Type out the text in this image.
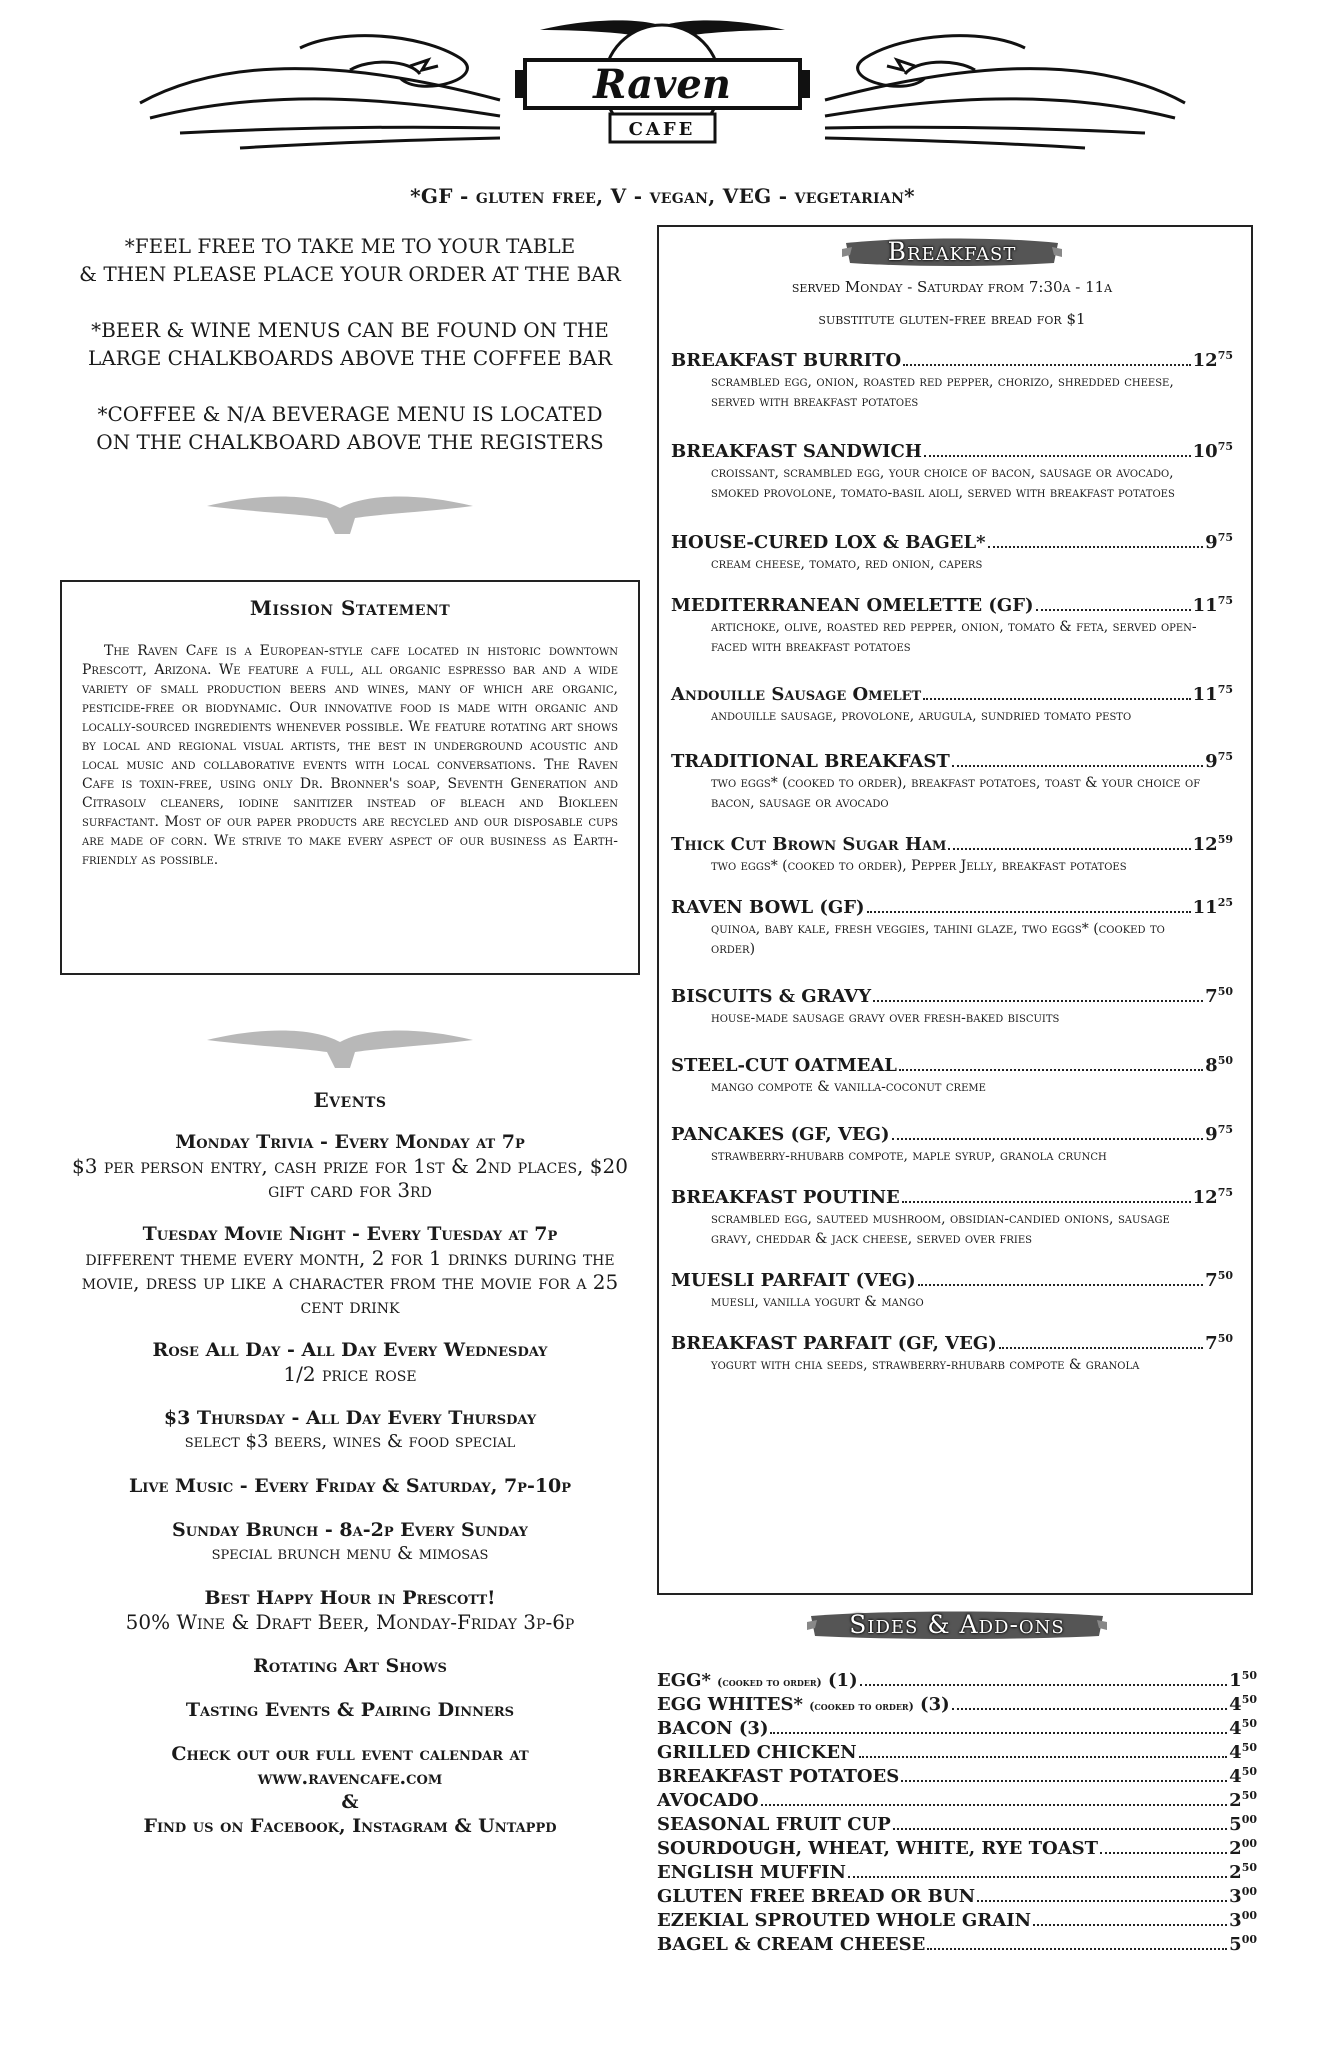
Raven
CAFE
*GF - gluten free, V - vegan, VEG - vegetarian*

*FEEL FREE TO TAKE ME TO YOUR TABLE
& THEN PLEASE PLACE YOUR ORDER AT THE BAR

*BEER & WINE MENUS CAN BE FOUND ON THE
LARGE CHALKBOARDS ABOVE THE COFFEE BAR

*COFFEE & N/A BEVERAGE MENU IS LOCATED
ON THE CHALKBOARD ABOVE THE REGISTERS

Mission Statement

The Raven Cafe is a European-style cafe located in historic downtown Prescott, Arizona. We feature a full, all organic espresso bar and a wide variety of small production beers and wines, many of which are organic, pesticide-free or biodynamic. Our innovative food is made with organic and locally-sourced ingredients whenever possible. We feature rotating art shows by local and regional visual artists, the best in underground acoustic and local music and collaborative events with local conversations. The Raven Cafe is toxin-free, using only Dr. Bronner's soap, Seventh Generation and Citrasolv cleaners, iodine sanitizer instead of bleach and Biokleen surfactant. Most of our paper products are recycled and our disposable cups are made of corn. We strive to make every aspect of our business as Earth-friendly as possible.

Events
Monday Trivia - Every Monday at 7p
$3 per person entry, cash prize for 1st & 2nd places, $20 gift card for 3rd
Tuesday Movie Night - Every Tuesday at 7p
different theme every month, 2 for 1 drinks during the movie, dress up like a character from the movie for a 25 cent drink
Rose All Day - All Day Every Wednesday
1/2 price rose
$3 Thursday - All Day Every Thursday
select $3 beers, wines & food special
Live Music - Every Friday & Saturday, 7p-10p
Sunday Brunch - 8a-2p Every Sunday
special brunch menu & mimosas
Best Happy Hour in Prescott!
50% Wine & Draft Beer, Monday-Friday 3p-6p
Rotating Art Shows
Tasting Events & Pairing Dinners
Check out our full event calendar at
www.ravencafe.com
&
Find us on Facebook, Instagram & Untappd
Breakfast
served Monday - Saturday from 7:30a - 11a
substitute gluten-free bread for $1
BREAKFAST BURRITO	$12^{75}$
scrambled egg, onion, roasted red pepper, chorizo, shredded cheese, served with breakfast potatoes
BREAKFAST SANDWICH	$10^{75}$
croissant, scrambled egg, your choice of bacon, sausage or avocado, smoked provolone, tomato-basil aioli, served with breakfast potatoes
HOUSE-CURED LOX & BAGEL*	$9^{75}$
cream cheese, tomato, red onion, capers
MEDITERRANEAN OMELETTE (GF)	$11^{75}$
artichoke, olive, roasted red pepper, onion, tomato & feta, served open-faced with breakfast potatoes
Andouille Sausage Omelet	$11^{75}$
andouille sausage, provolone, arugula, sundried tomato pesto
TRADITIONAL BREAKFAST	$9^{75}$
two eggs* (cooked to order), breakfast potatoes, toast & your choice of bacon, sausage or avocado
Thick Cut Brown Sugar Ham	$12^{59}$
two eggs* (cooked to order), Pepper Jelly, breakfast potatoes
RAVEN BOWL (GF)	$11^{25}$
quinoa, baby kale, fresh veggies, tahini glaze, two eggs* (cooked to order)
BISCUITS & GRAVY	$7^{50}$
house-made sausage gravy over fresh-baked biscuits
STEEL-CUT OATMEAL	$8^{50}$
mango compote & vanilla-coconut creme
PANCAKES (GF, VEG)	$9^{75}$
strawberry-rhubarb compote, maple syrup, granola crunch
BREAKFAST POUTINE	$12^{75}$
scrambled egg, sauteed mushroom, obsidian-candied onions, sausage gravy, cheddar & jack cheese, served over fries
MUESLI PARFAIT (VEG)	$7^{50}$
muesli, vanilla yogurt & mango
BREAKFAST PARFAIT (GF, VEG)	$7^{50}$
yogurt with chia seeds, strawberry-rhubarb compote & granola
Sides & Add-ons
EGG* (cooked to order) (1)	$1^{50}$
EGG WHITES* (cooked to order) (3)	$4^{50}$
BACON (3)	$4^{50}$
GRILLED CHICKEN	$4^{50}$
BREAKFAST POTATOES	$4^{50}$
AVOCADO	$2^{50}$
SEASONAL FRUIT CUP	$5^{00}$
SOURDOUGH, WHEAT, WHITE, RYE TOAST	$2^{00}$
ENGLISH MUFFIN	$2^{50}$
GLUTEN FREE BREAD OR BUN	$3^{00}$
EZEKIAL SPROUTED WHOLE GRAIN	$3^{00}$
BAGEL & CREAM CHEESE	$5^{00}$
